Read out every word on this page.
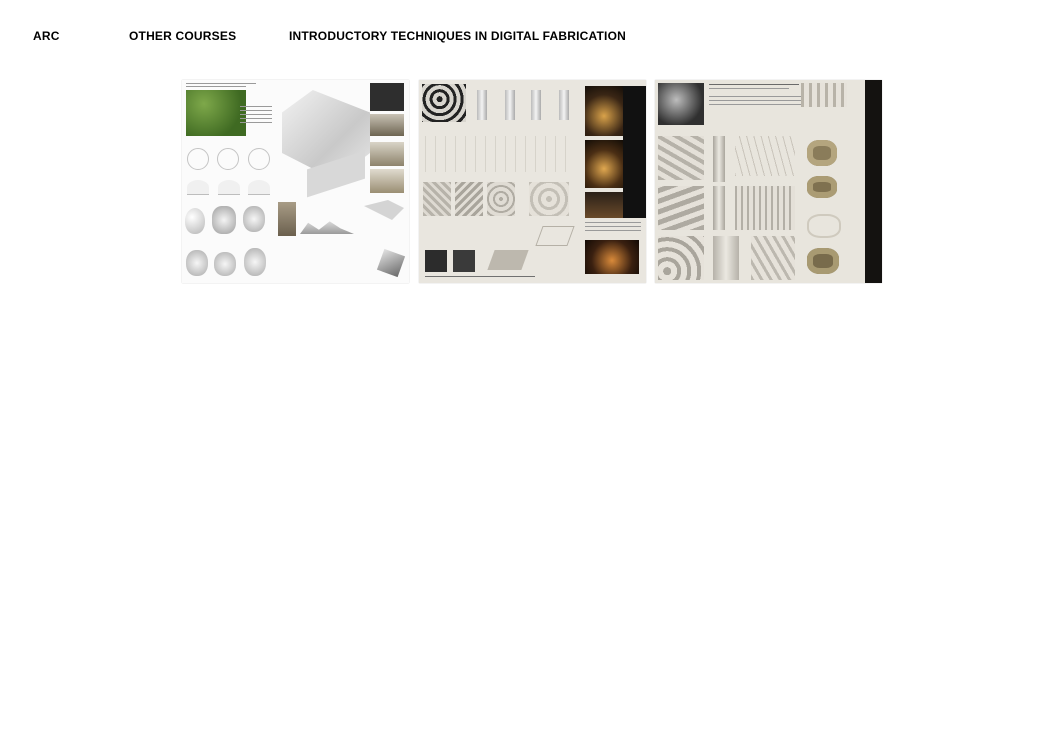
ARC	OTHER COURSES	INTRODUCTORY TECHNIQUES IN DIGITAL FABRICATION
